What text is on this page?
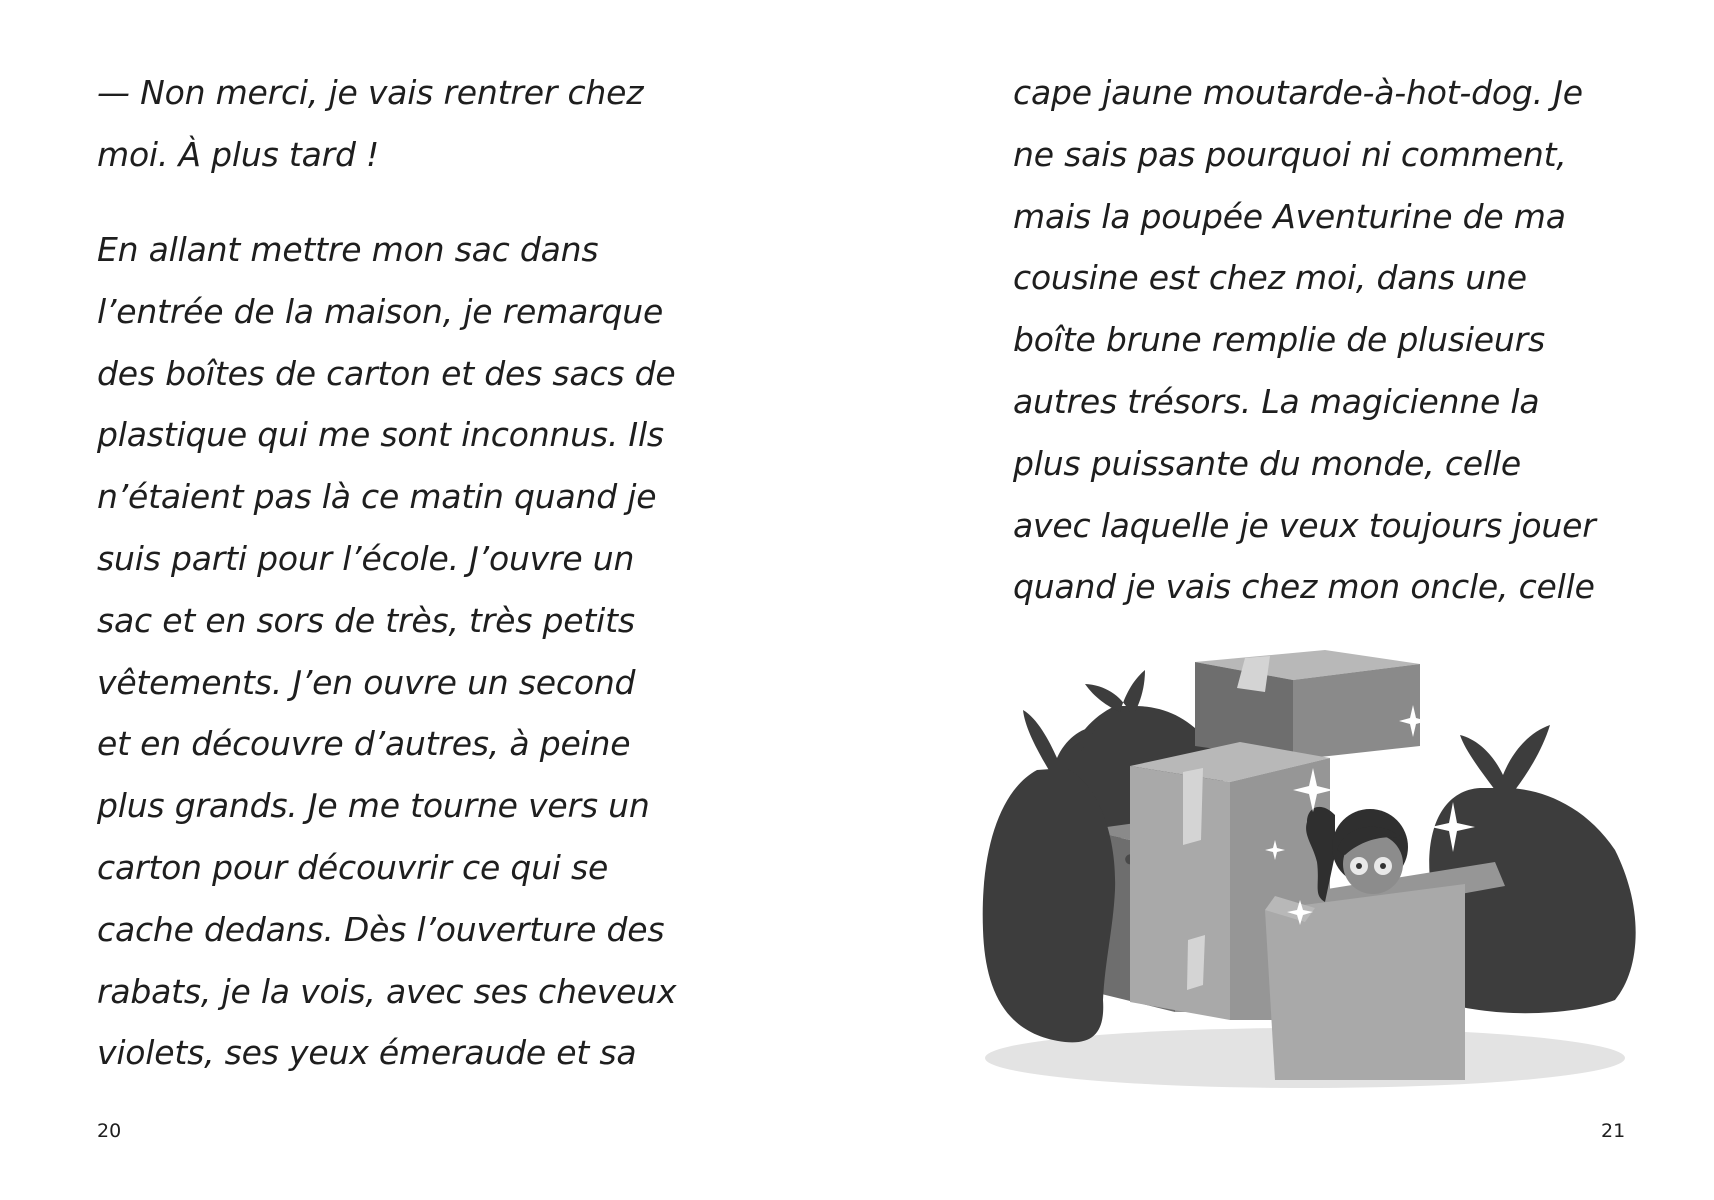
— Non merci, je vais rentrer chez
moi. À plus tard !
En allant mettre mon sac dans
l’entrée de la maison, je remarque
des boîtes de carton et des sacs de
plastique qui me sont inconnus. Ils
n’étaient pas là ce matin quand je
suis parti pour l’école. J’ouvre un
sac et en sors de très, très petits
vêtements. J’en ouvre un second
et en découvre d’autres, à peine
plus grands. Je me tourne vers un
carton pour découvrir ce qui se
cache dedans. Dès l’ouverture des
rabats, je la vois, avec ses cheveux
violets, ses yeux émeraude et sa
20
cape jaune moutarde-à-hot-dog. Je
ne sais pas pourquoi ni comment,
mais la poupée Aventurine de ma
cousine est chez moi, dans une
boîte brune remplie de plusieurs
autres trésors. La magicienne la
plus puissante du monde, celle
avec laquelle je veux toujours jouer
quand je vais chez mon oncle, celle
21
